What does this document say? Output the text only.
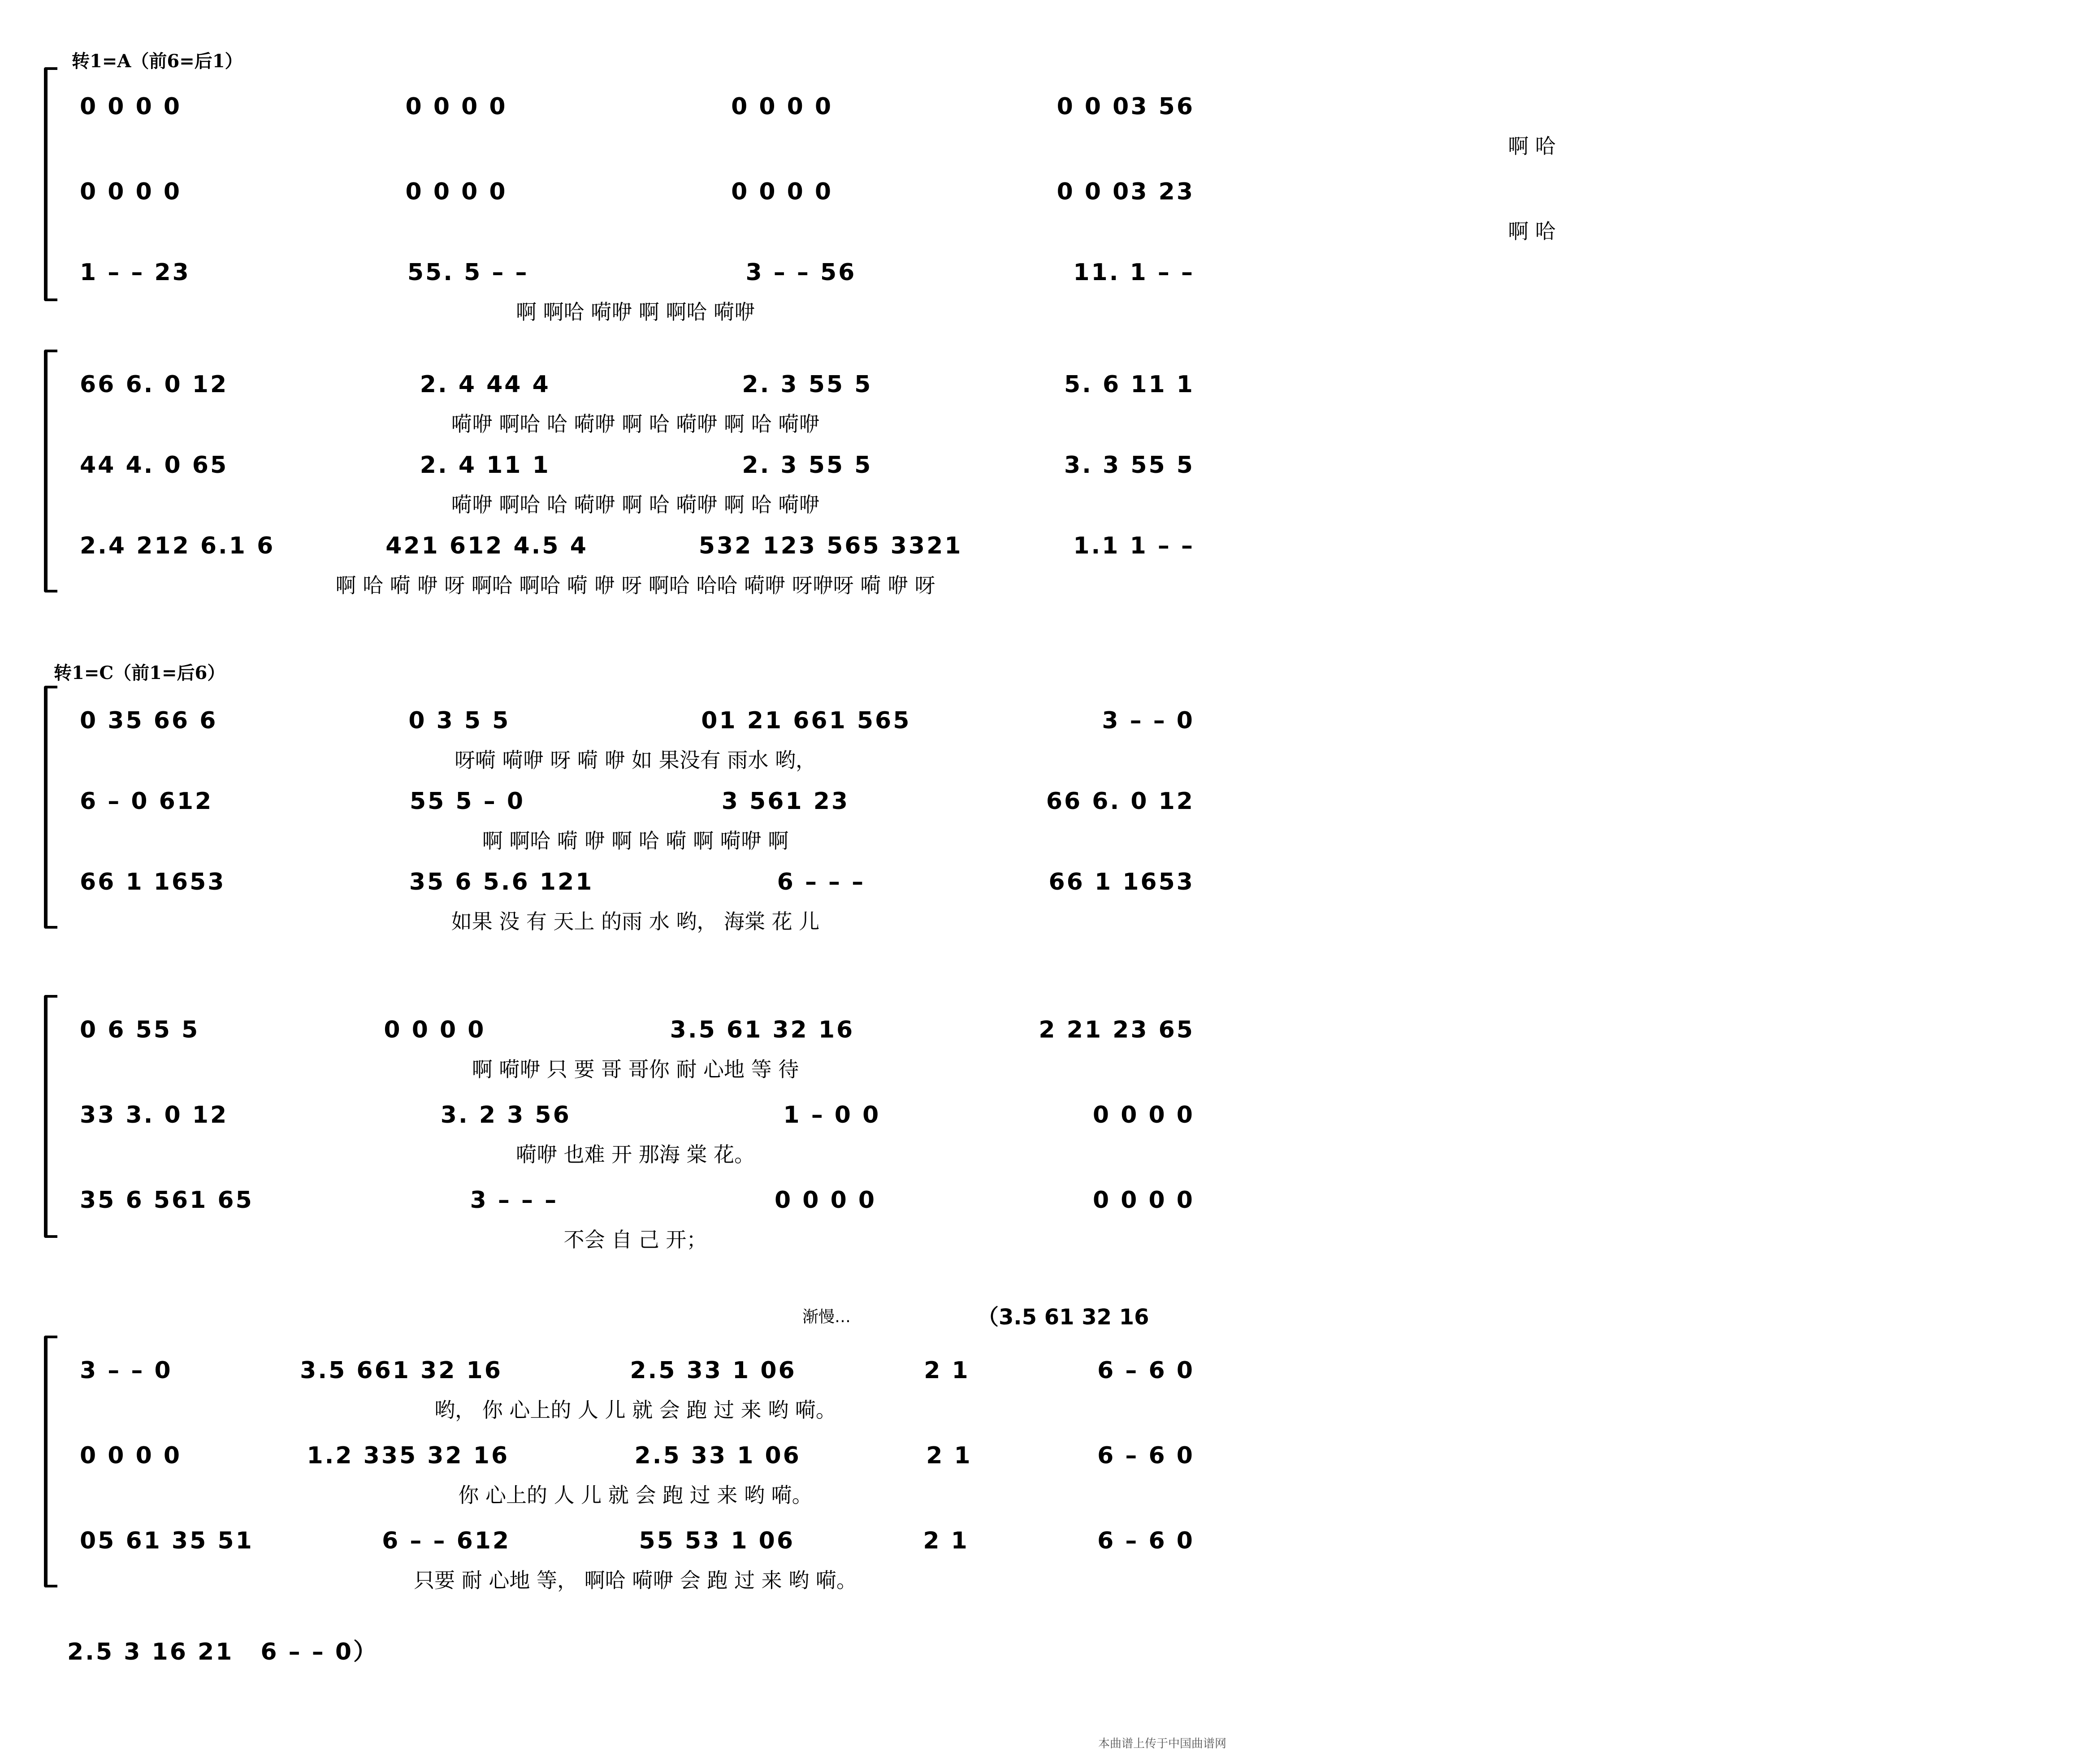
转1=A（前6=后1）
0 0 0 0	0 0 0 0	0 0 0 0	0 0 03 56
啊 哈
0 0 0 0	0 0 0 0	0 0 0 0	0 0 03 23
啊 哈
1 – – 23	55. 5 – –	3 – – 56	11. 1 – –
啊 啊哈 嗬咿 啊 啊哈 嗬咿
66 6. 0 12	2. 4 44 4	2. 3 55 5	5. 6 11 1
嗬咿 啊哈 哈 嗬咿 啊 哈 嗬咿 啊 哈 嗬咿
44 4. 0 65	2. 4 11 1	2. 3 55 5	3. 3 55 5
嗬咿 啊哈 哈 嗬咿 啊 哈 嗬咿 啊 哈 嗬咿
2.4 212 6.1 6	421 612 4.5 4	532 123 565 3321	1.1 1 – –
啊 哈 嗬 咿 呀 啊哈 啊哈 嗬 咿 呀 啊哈 哈哈 嗬咿 呀咿呀 嗬 咿 呀
转1=C（前1=后6）
0 35 66 6	0 3 5 5	01 21 661 565	3 – – 0
呀嗬 嗬咿 呀 嗬 咿 如 果没有 雨水 哟，
6 – 0 612	55 5 – 0	3 561 23	66 6. 0 12
啊 啊哈 嗬 咿 啊 哈 嗬 啊 嗬咿 啊
66 1 1653	35 6 5.6 121	6 – – –	66 1 1653
如果 没 有 天上 的雨 水 哟， 海棠 花 儿
0 6 55 5	0 0 0 0	3.5 61 32 16	2 21 23 65
啊 嗬咿 只 要 哥 哥你 耐 心地 等 待
33 3. 0 12	3. 2 3 56	1 – 0 0	0 0 0 0
嗬咿 也难 开 那海 棠 花。
35 6 561 65	3 – – –	0 0 0 0	0 0 0 0
不会 自 己 开；
渐慢…	（3.5 61 32 16
3 – – 0	3.5 661 32 16	2.5 33 1 06	2 1	6 – 6 0
哟， 你 心上的 人 儿 就 会 跑 过 来 哟 嗬。
0 0 0 0	1.2 335 32 16	2.5 33 1 06	2 1	6 – 6 0
你 心上的 人 儿 就 会 跑 过 来 哟 嗬。
05 61 35 51	6 – – 612	55 53 1 06	2 1	6 – 6 0
只要 耐 心地 等， 啊哈 嗬咿 会 跑 过 来 哟 嗬。
2.5 3 16 21 6 – – 0）
本曲谱上传于中国曲谱网
